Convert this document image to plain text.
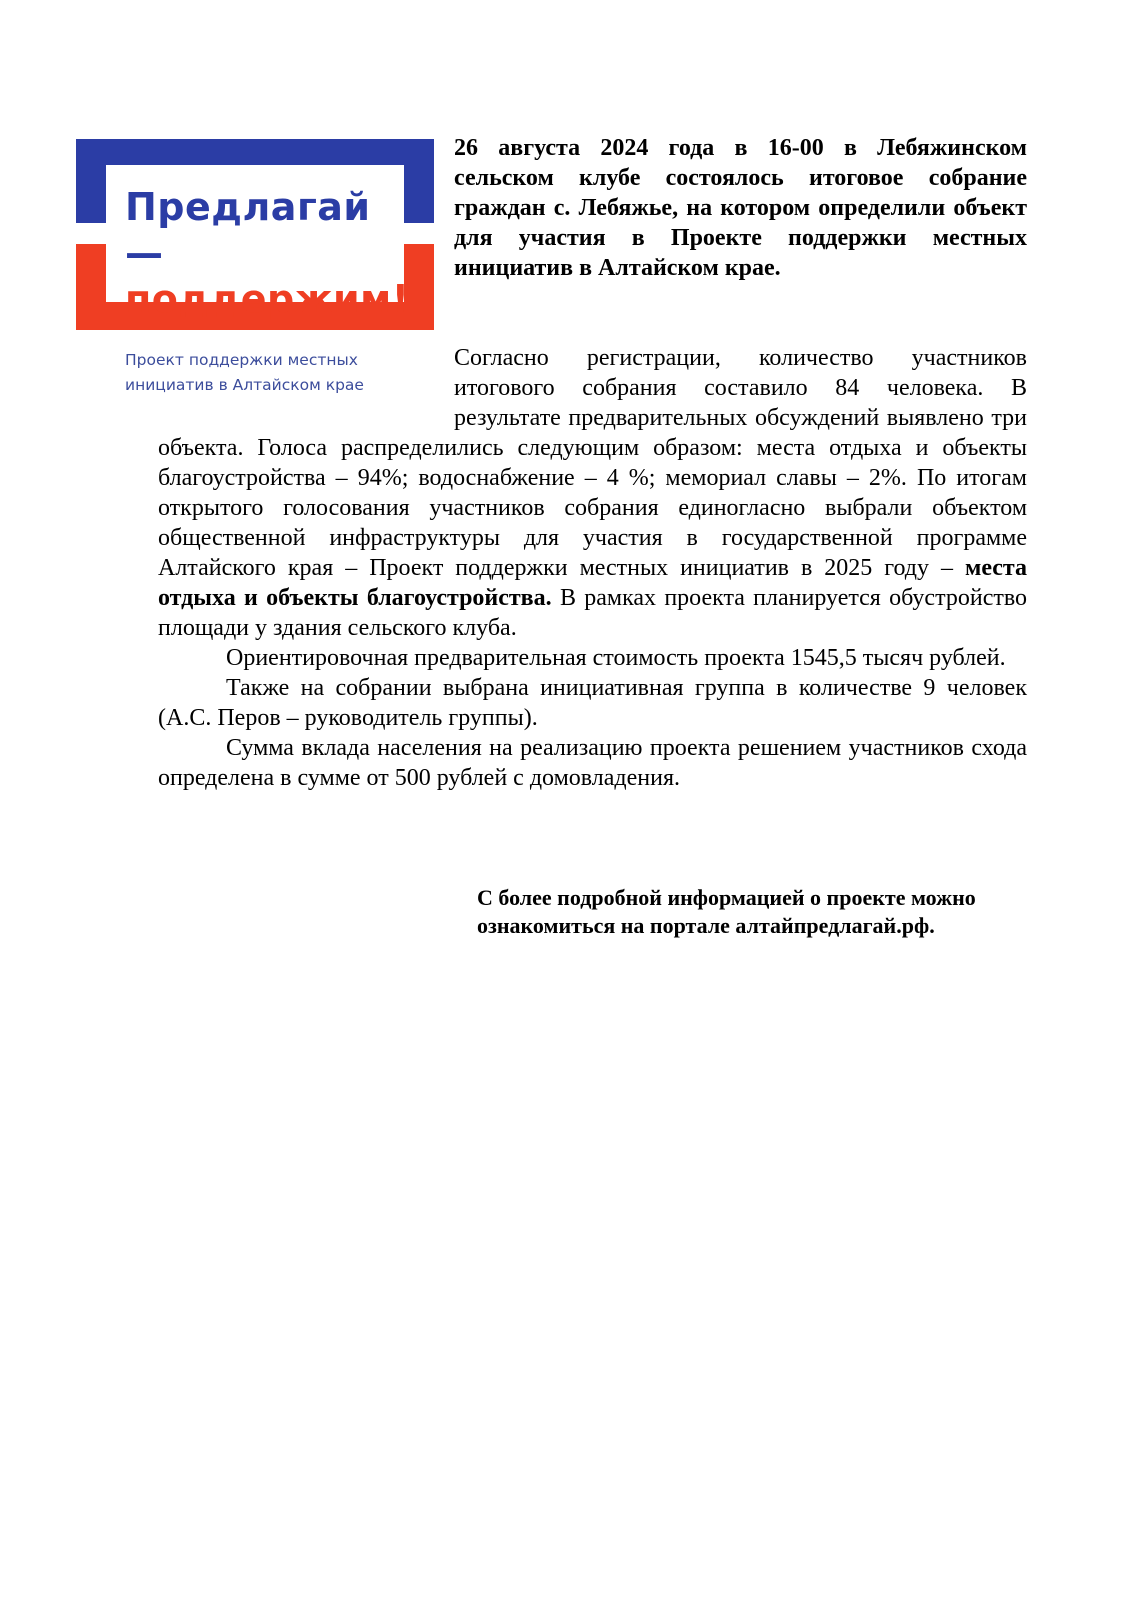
Предлагай —
поддержим!
Проект поддержки местных
инициатив в Алтайском крае

26 августа 2024 года в 16-00 в Лебяжинском сельском клубе состоялось итоговое собрание граждан с. Лебяжье, на котором определили объект для участия в Проекте поддержки местных инициатив в Алтайском крае.

Согласно регистрации, количество участников итогового собрания составило 84 человека. В результате предварительных обсуждений выявлено три объекта. Голоса распределились следующим образом: места отдыха и объекты благоустройства – 94%; водоснабжение – 4 %; мемориал славы – 2%. По итогам открытого голосования участников собрания единогласно выбрали объектом общественной инфраструктуры для участия в государственной программе Алтайского края – Проект поддержки местных инициатив в 2025 году – места отдыха и объекты благоустройства. В рамках проекта планируется обустройство площади у здания сельского клуба.

Ориентировочная предварительная стоимость проекта 1545,5 тысяч рублей.

Также на собрании выбрана инициативная группа в количестве 9 человек (А.С. Перов – руководитель группы).

Сумма вклада населения на реализацию проекта решением участников схода определена в сумме от 500 рублей с домовладения.

С более подробной информацией о проекте можно
ознакомиться на портале алтайпредлагай.рф.
